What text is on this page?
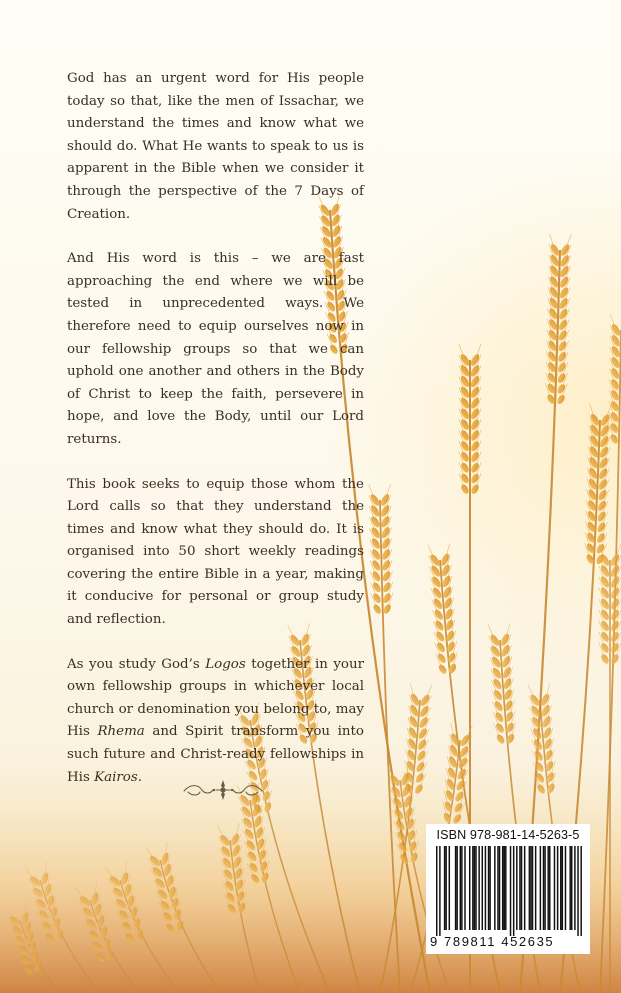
God has an urgent word for His people today so that, like the men of Issachar, we understand the times and know what we should do. What He wants to speak to us is apparent in the Bible when we consider it through the perspective of the 7 Days of Creation.

And His word is this – we are fast approaching the end where we will be tested in unprecedented ways. We therefore need to equip ourselves now in our fellowship groups so that we can uphold one another and others in the Body of Christ to keep the faith, persevere in hope, and love the Body, until our Lord returns.

This book seeks to equip those whom the Lord calls so that they understand the times and know what they should do. It is organised into 50 short weekly readings covering the entire Bible in a year, making it conducive for personal or group study and reflection.

As you study God’s Logos together in your own fellowship groups in whichever local church or denomination you belong to, may His Rhema and Spirit transform you into such future and Christ-ready fellowships in His Kairos.

ISBN 978-981-14-5263-5
9 789811 452635
